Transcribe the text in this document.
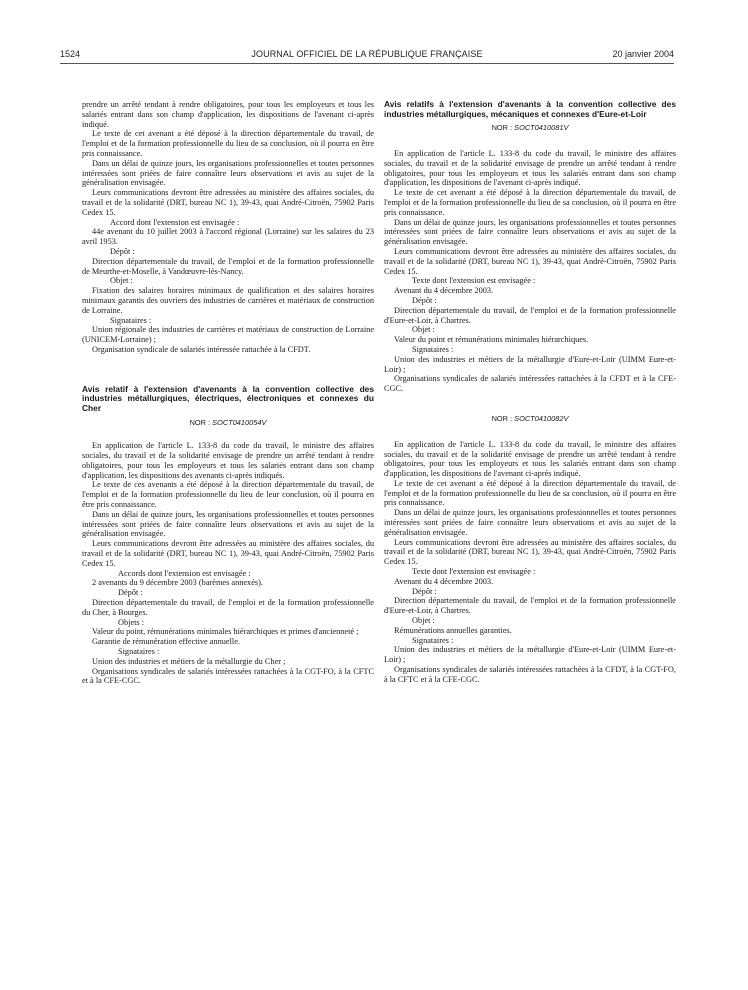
1524	JOURNAL OFFICIEL DE LA RÉPUBLIQUE FRANÇAISE	20 janvier 2004

prendre un arrêté tendant à rendre obligatoires, pour tous les employeurs et tous les salariés entrant dans son champ d'application, les dispositions de l'avenant ci-après indiqué.

Le texte de cet avenant a été déposé à la direction départementale du travail, de l'emploi et de la formation professionnelle du lieu de sa conclusion, où il pourra en être pris connaissance.

Dans un délai de quinze jours, les organisations professionnelles et toutes personnes intéressées sont priées de faire connaître leurs observations et avis au sujet de la généralisation envisagée.

Leurs communications devront être adressées au ministère des affaires sociales, du travail et de la solidarité (DRT, bureau NC 1), 39-43, quai André-Citroën, 75902 Paris Cedex 15.

Accord dont l'extension est envisagée :

44e avenant du 10 juillet 2003 à l'accord régional (Lorraine) sur les salaires du 23 avril 1953.

Dépôt :

Direction départementale du travail, de l'emploi et de la formation professionnelle de Meurthe-et-Moselle, à Vandœuvre-lès-Nancy.

Objet :

Fixation des salaires horaires minimaux de qualification et des salaires horaires minimaux garantis des ouvriers des industries de carrières et matériaux de construction de Lorraine.

Signataires :

Union régionale des industries de carrières et matériaux de construction de Lorraine (UNICEM-Lorraine) ;

Organisation syndicale de salariés intéressée rattachée à la CFDT.

Avis relatif à l'extension d'avenants à la convention collective des industries métallurgiques, électriques, électroniques et connexes du Cher

NOR : SOCT0410054V

En application de l'article L. 133-8 du code du travail, le ministre des affaires sociales, du travail et de la solidarité envisage de prendre un arrêté tendant à rendre obligatoires, pour tous les employeurs et tous les salariés entrant dans son champ d'application, les dispositions des avenants ci-après indiqués.

Le texte de ces avenants a été déposé à la direction départementale du travail, de l'emploi et de la formation professionnelle du lieu de leur conclusion, où il pourra en être pris connaissance.

Dans un délai de quinze jours, les organisations professionnelles et toutes personnes intéressées sont priées de faire connaître leurs observations et avis au sujet de la généralisation envisagée.

Leurs communications devront être adressées au ministère des affaires sociales, du travail et de la solidarité (DRT, bureau NC 1), 39-43, quai André-Citroën, 75902 Paris Cedex 15.

Accords dont l'extension est envisagée :

2 avenants du 9 décembre 2003 (barèmes annexés).

Dépôt :

Direction départementale du travail, de l'emploi et de la formation professionnelle du Cher, à Bourges.

Objets :

Valeur du point, rémunérations minimales hiérarchiques et primes d'ancienneté ;

Garantie de rémunération effective annuelle.

Signataires :

Union des industries et métiers de la métallurgie du Cher ;

Organisations syndicales de salariés intéressées rattachées à la CGT-FO, à la CFTC et à la CFE-CGC.

Avis relatifs à l'extension d'avenants à la convention collective des industries métallurgiques, mécaniques et connexes d'Eure-et-Loir

NOR : SOCT0410081V

En application de l'article L. 133-8 du code du travail, le ministre des affaires sociales, du travail et de la solidarité envisage de prendre un arrêté tendant à rendre obligatoires, pour tous les employeurs et tous les salariés entrant dans son champ d'application, les dispositions de l'avenant ci-après indiqué.

Le texte de cet avenant a été déposé à la direction départementale du travail, de l'emploi et de la formation professionnelle du lieu de sa conclusion, où il pourra en être pris connaissance.

Dans un délai de quinze jours, les organisations professionnelles et toutes personnes intéressées sont priées de faire connaître leurs observations et avis au sujet de la généralisation envisagée.

Leurs communications devront être adressées au ministère des affaires sociales, du travail et de la solidarité (DRT, bureau NC 1), 39-43, quai André-Citroën, 75902 Paris Cedex 15.

Texte dont l'extension est envisagée :

Avenant du 4 décembre 2003.

Dépôt :

Direction départementale du travail, de l'emploi et de la formation professionnelle d'Eure-et-Loir, à Chartres.

Objet :

Valeur du point et rémunérations minimales hiérarchiques.

Signataires :

Union des industries et métiers de la métallurgie d'Eure-et-Loir (UIMM Eure-et-Loir) ;

Organisations syndicales de salariés intéressées rattachées à la CFDT et à la CFE-CGC.

NOR : SOCT0410082V

En application de l'article L. 133-8 du code du travail, le ministre des affaires sociales, du travail et de la solidarité envisage de prendre un arrêté tendant à rendre obligatoires, pour tous les employeurs et tous les salariés entrant dans son champ d'application, les dispositions de l'avenant ci-après indiqué.

Le texte de cet avenant a été déposé à la direction départementale du travail, de l'emploi et de la formation professionnelle du lieu de sa conclusion, où il pourra en être pris connaissance.

Dans un délai de quinze jours, les organisations professionnelles et toutes personnes intéressées sont priées de faire connaître leurs observations et avis au sujet de la généralisation envisagée.

Leurs communications devront être adressées au ministère des affaires sociales, du travail et de la solidarité (DRT, bureau NC 1), 39-43, quai André-Citroën, 75902 Paris Cedex 15.

Texte dont l'extension est envisagée :

Avenant du 4 décembre 2003.

Dépôt :

Direction départementale du travail, de l'emploi et de la formation professionnelle d'Eure-et-Loir, à Chartres.

Objet :

Rémunérations annuelles garanties.

Signataires :

Union des industries et métiers de la métallurgie d'Eure-et-Loir (UIMM Eure-et-Loir) ;

Organisations syndicales de salariés intéressées rattachées à la CFDT, à la CGT-FO, à la CFTC et à la CFE-CGC.
